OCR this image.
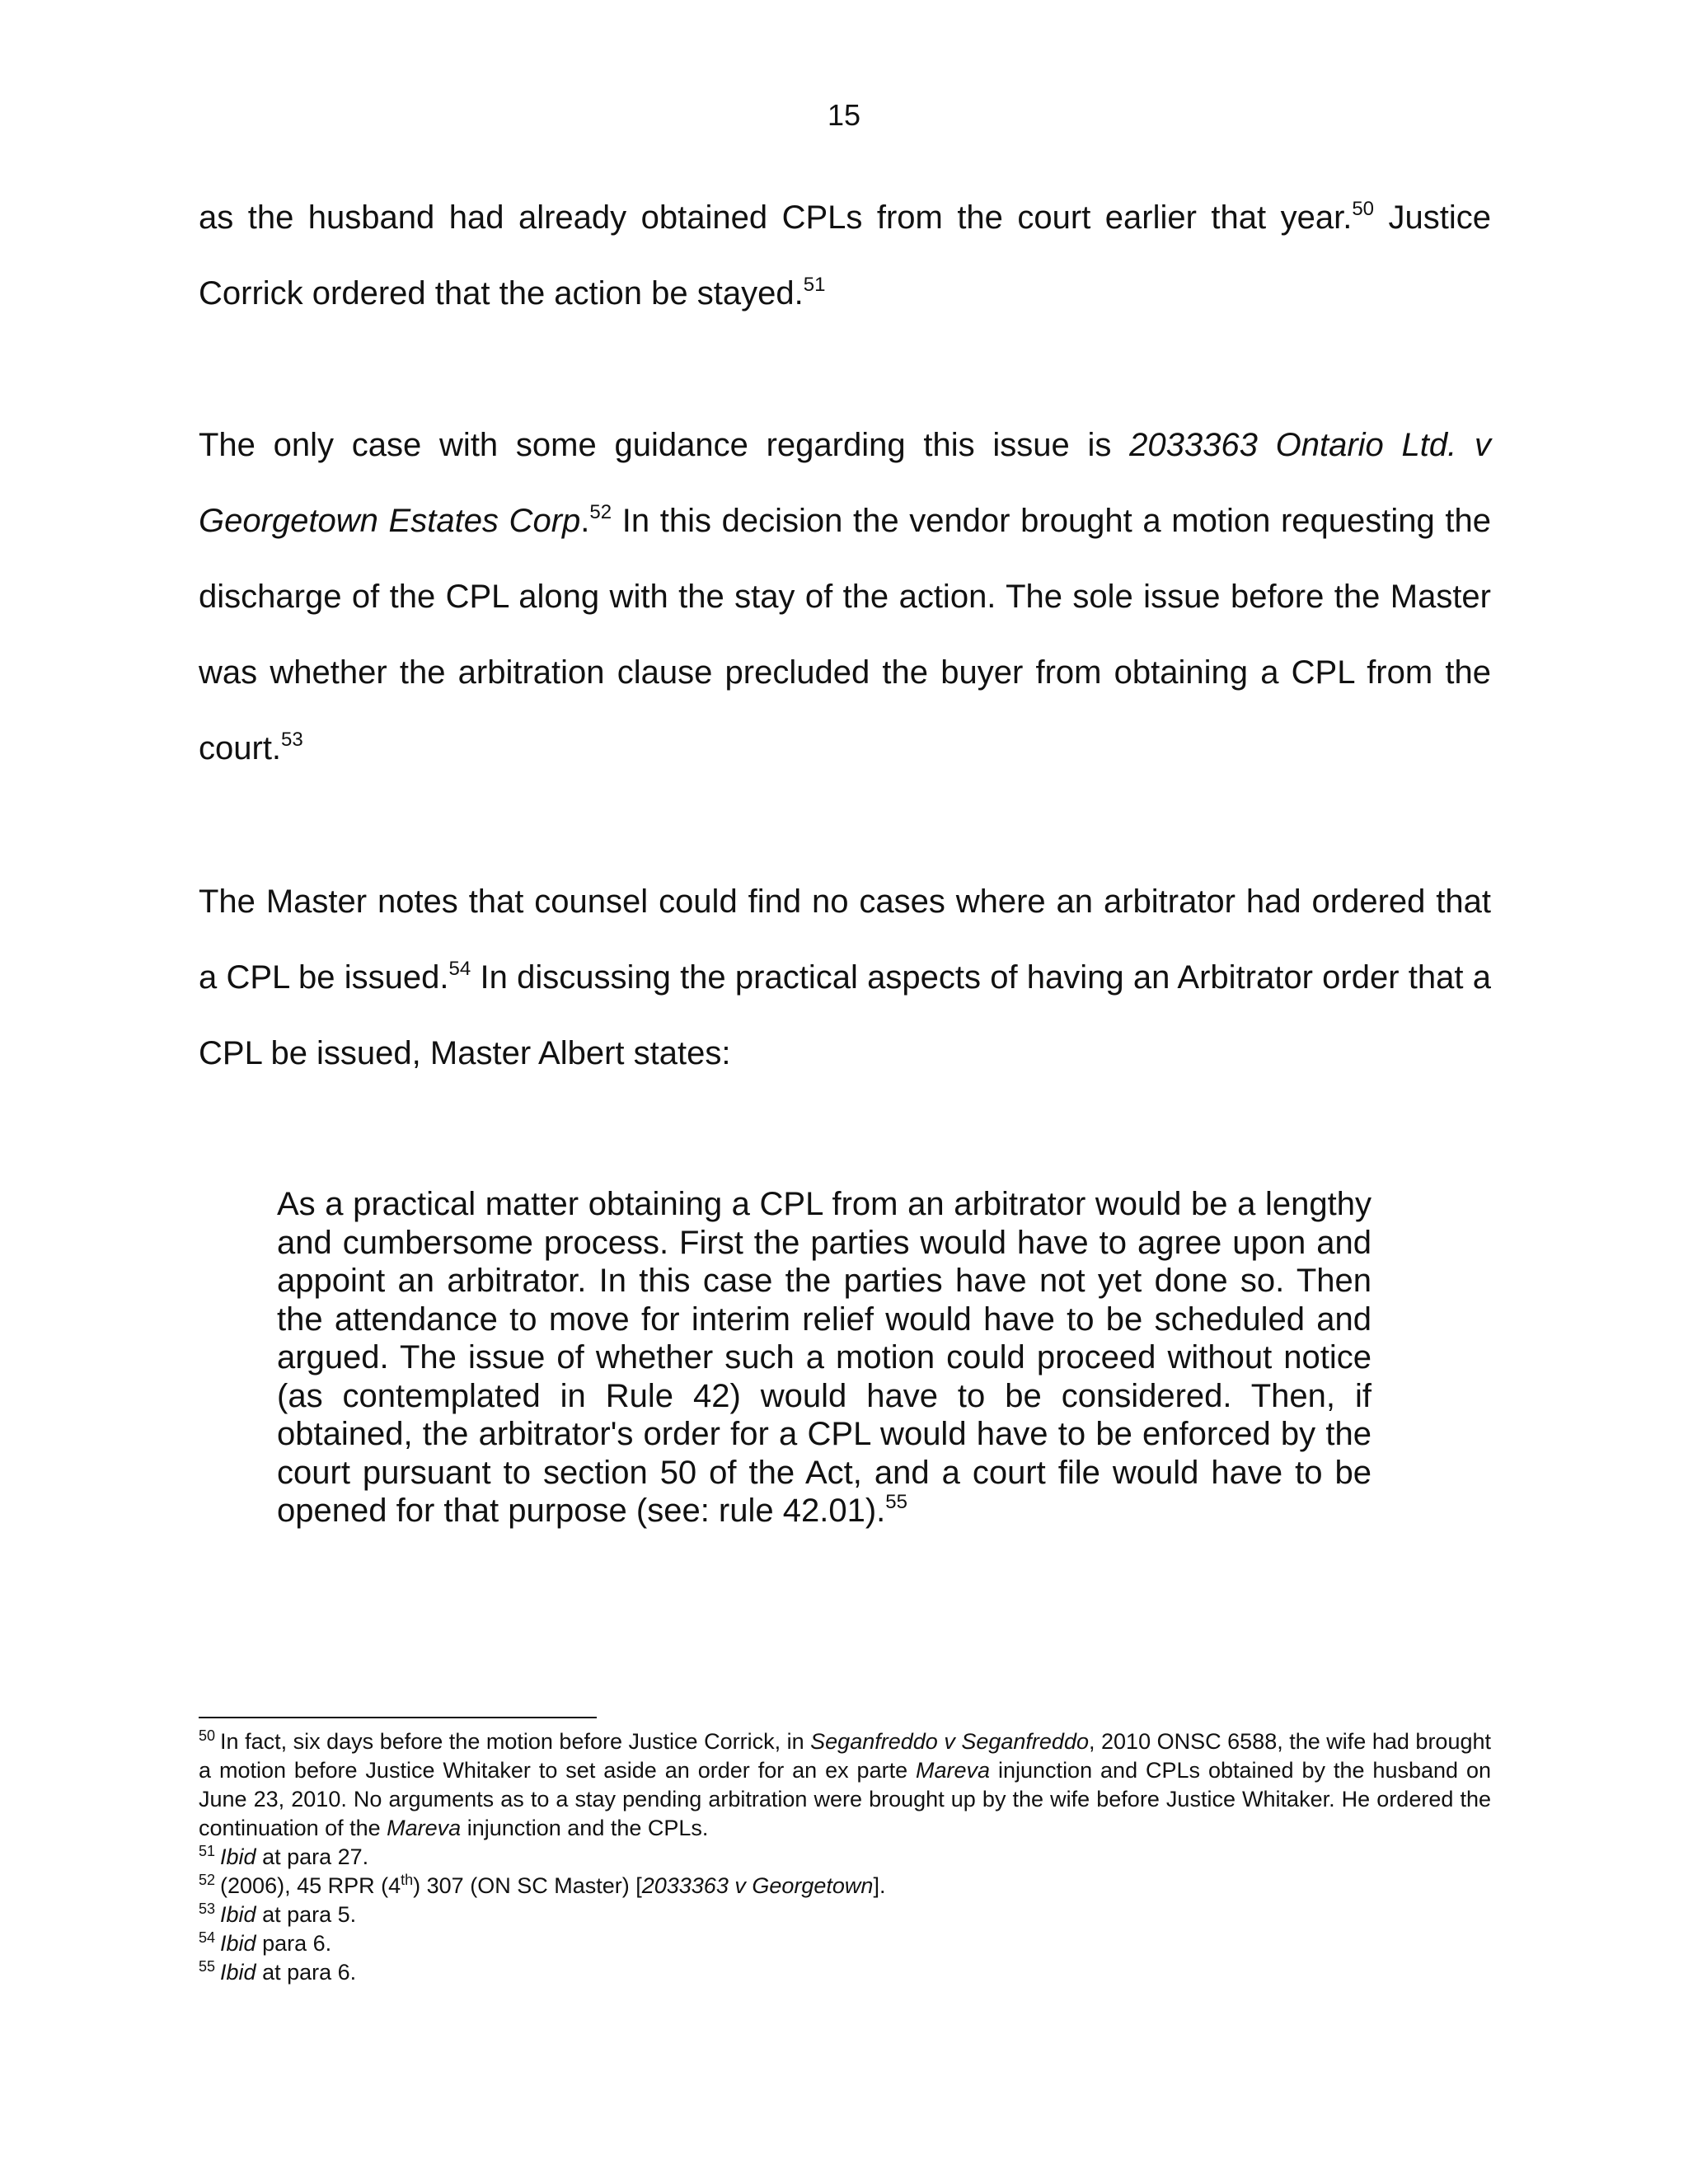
15

as the husband had already obtained CPLs from the court earlier that year.$^{50}$ Justice Corrick ordered that the action be stayed.$^{51}$

The only case with some guidance regarding this issue is 2033363 Ontario Ltd. v Georgetown Estates Corp.$^{52}$ In this decision the vendor brought a motion requesting the discharge of the CPL along with the stay of the action. The sole issue before the Master was whether the arbitration clause precluded the buyer from obtaining a CPL from the court.$^{53}$

The Master notes that counsel could find no cases where an arbitrator had ordered that a CPL be issued.$^{54}$ In discussing the practical aspects of having an Arbitrator order that a CPL be issued, Master Albert states:

As a practical matter obtaining a CPL from an arbitrator would be a lengthy and cumbersome process. First the parties would have to agree upon and appoint an arbitrator. In this case the parties have not yet done so. Then the attendance to move for interim relief would have to be scheduled and argued. The issue of whether such a motion could proceed without notice (as contemplated in Rule 42) would have to be considered. Then, if obtained, the arbitrator's order for a CPL would have to be enforced by the court pursuant to section 50 of the Act, and a court file would have to be opened for that purpose (see: rule 42.01).$^{55}$

$^{50}$ In fact, six days before the motion before Justice Corrick, in Seganfreddo v Seganfreddo, 2010 ONSC 6588, the wife had brought a motion before Justice Whitaker to set aside an order for an ex parte Mareva injunction and CPLs obtained by the husband on June 23, 2010. No arguments as to a stay pending arbitration were brought up by the wife before Justice Whitaker. He ordered the continuation of the Mareva injunction and the CPLs.

$^{51}$ Ibid at para 27.

$^{52}$ (2006), 45 RPR (4th) 307 (ON SC Master) [2033363 v Georgetown].

$^{53}$ Ibid at para 5.

$^{54}$ Ibid para 6.

$^{55}$ Ibid at para 6.
